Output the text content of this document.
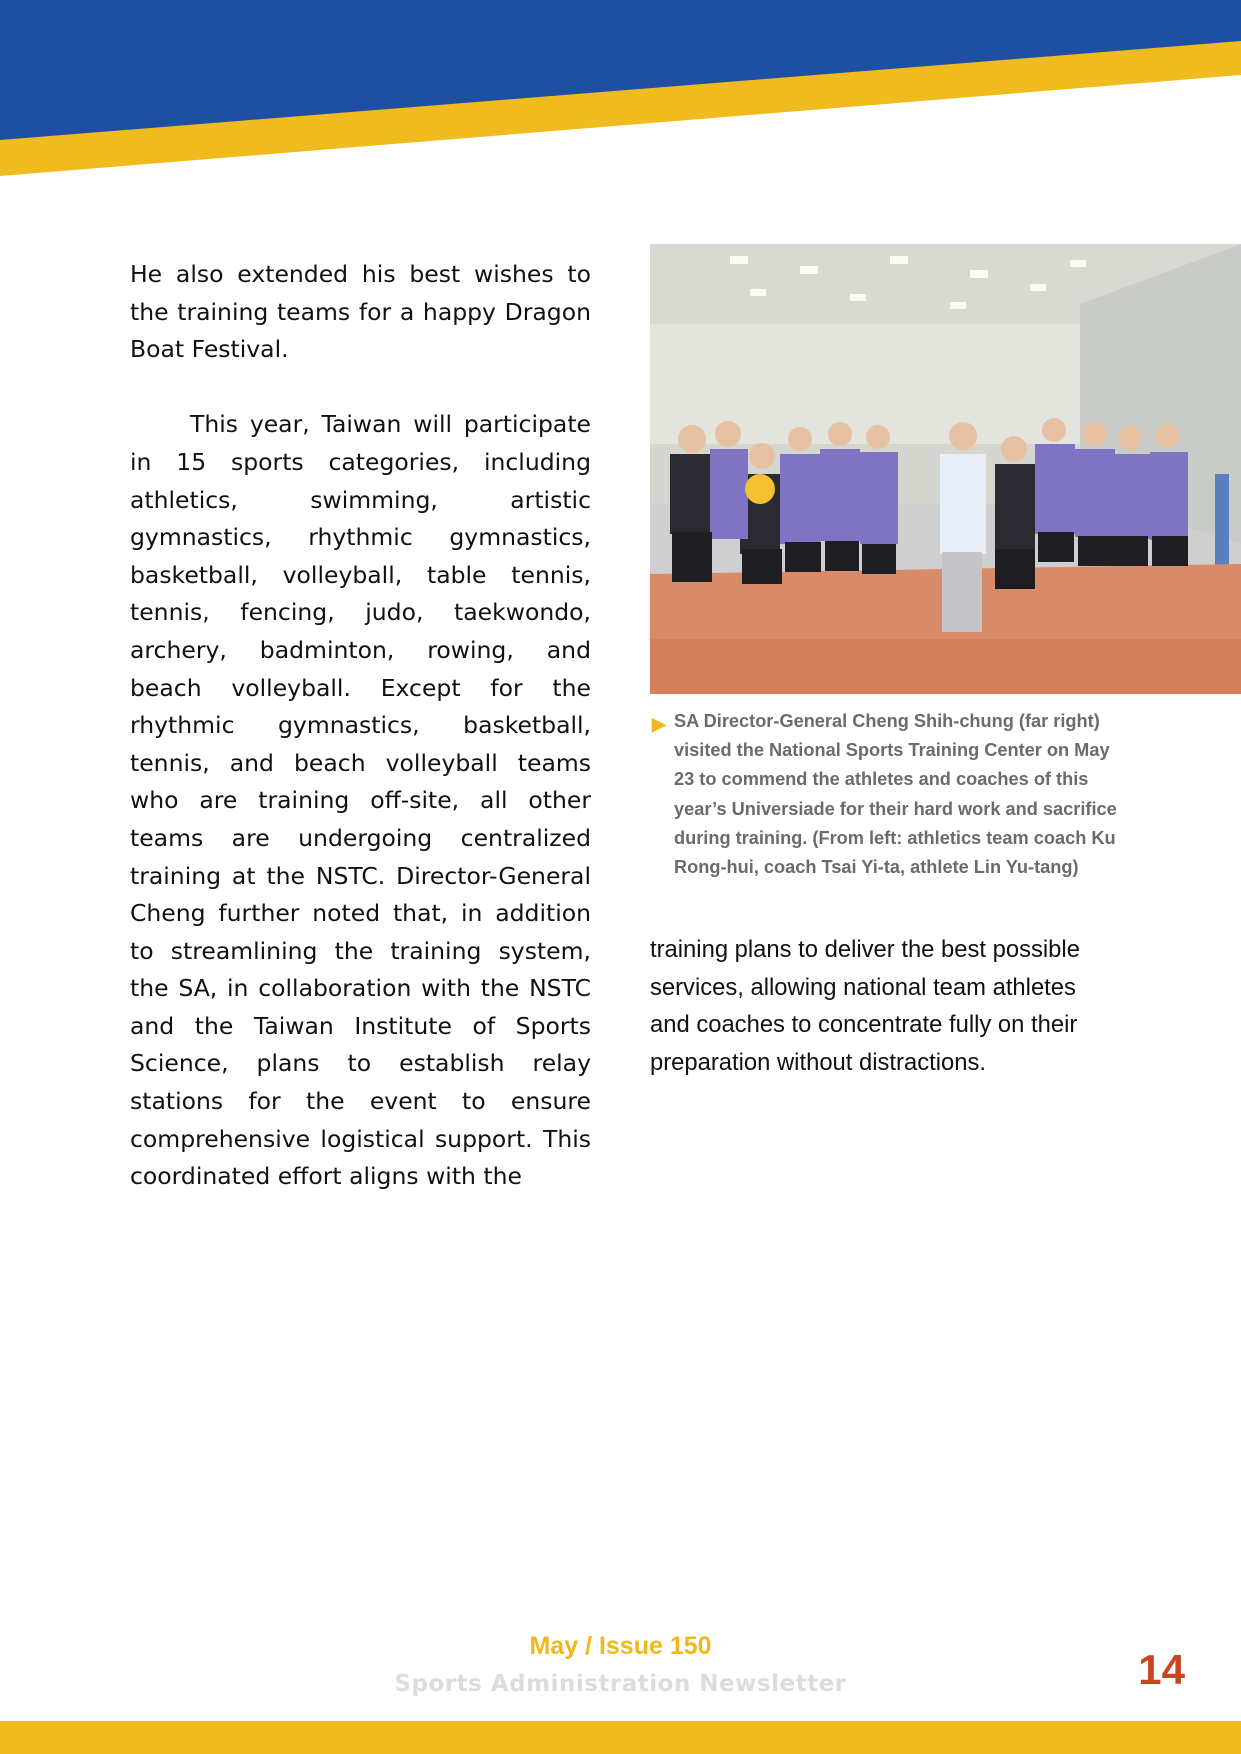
He also extended his best wishes to the training teams for a happy Dragon Boat Festival.

This year, Taiwan will participate in 15 sports categories, including athletics, swimming, artistic gymnastics, rhythmic gymnastics, basketball, volleyball, table tennis, tennis, fencing, judo, taekwondo, archery, badminton, rowing, and beach volleyball. Except for the rhythmic gymnastics, basketball, tennis, and beach volleyball teams who are training off-site, all other teams are undergoing centralized training at the NSTC. Director-General Cheng further noted that, in addition to streamlining the training system, the SA, in collaboration with the NSTC and the Taiwan Institute of Sports Science, plans to establish relay stations for the event to ensure comprehensive logistical support. This coordinated effort aligns with the

▶ SA Director-General Cheng Shih-chung (far right) visited the National Sports Training Center on May 23 to commend the athletes and coaches of this year’s Universiade for their hard work and sacrifice during training. (From left: athletics team coach Ku Rong-hui, coach Tsai Yi-ta, athlete Lin Yu-tang)

training plans to deliver the best possible services, allowing national team athletes and coaches to concentrate fully on their preparation without distractions.

May / Issue 150
Sports Administration Newsletter	14
